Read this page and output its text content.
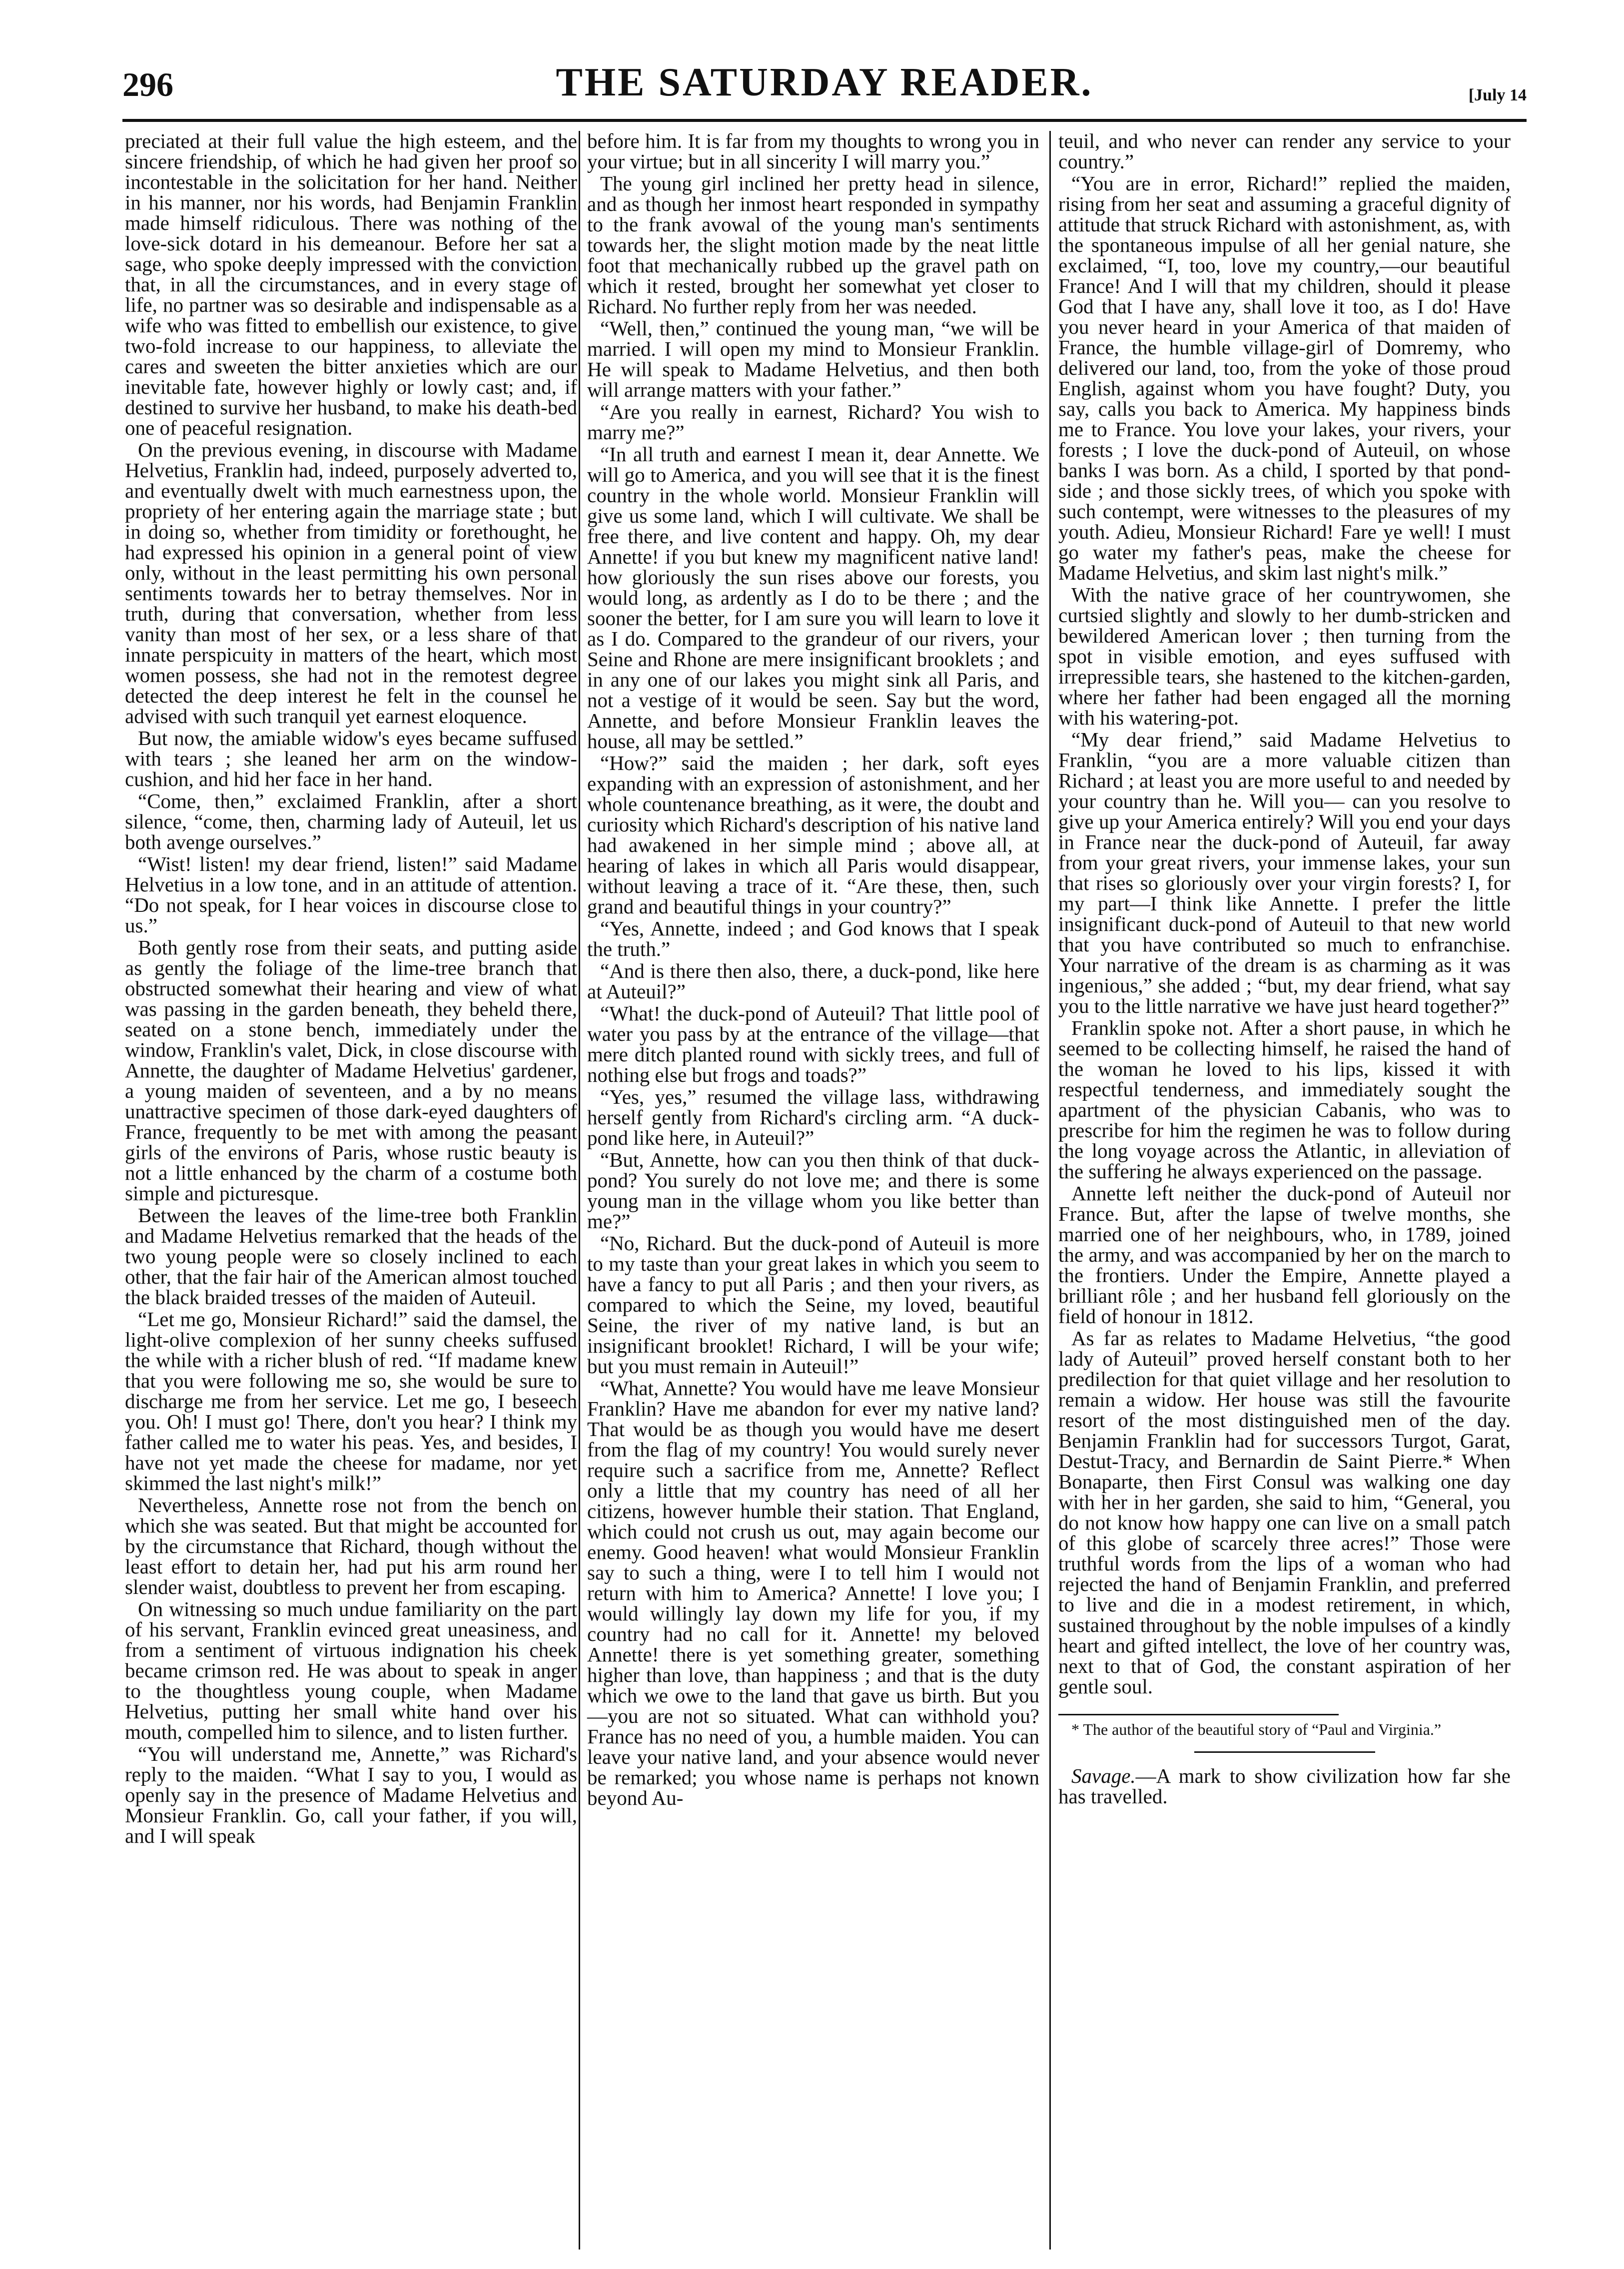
296	THE SATURDAY READER.	[July 14

preciated at their full value the high esteem, and the sincere friendship, of which he had given her proof so incontestable in the solicitation for her hand. Neither in his manner, nor his words, had Benjamin Franklin made himself ridiculous. There was nothing of the love-sick dotard in his demeanour. Before her sat a sage, who spoke deeply impressed with the conviction that, in all the circumstances, and in every stage of life, no partner was so desirable and indispensable as a wife who was fitted to embellish our existence, to give two-fold increase to our happiness, to alleviate the cares and sweeten the bitter anxieties which are our inevitable fate, however highly or lowly cast; and, if destined to survive her husband, to make his death-bed one of peaceful resignation.

On the previous evening, in discourse with Madame Helvetius, Franklin had, indeed, purposely adverted to, and eventually dwelt with much earnestness upon, the propriety of her entering again the marriage state ; but in doing so, whether from timidity or forethought, he had expressed his opinion in a general point of view only, without in the least permitting his own personal sentiments towards her to betray themselves. Nor in truth, during that conversation, whether from less vanity than most of her sex, or a less share of that innate perspicuity in matters of the heart, which most women possess, she had not in the remotest degree detected the deep interest he felt in the counsel he advised with such tranquil yet earnest eloquence.

But now, the amiable widow's eyes became suffused with tears ; she leaned her arm on the window-cushion, and hid her face in her hand.

“Come, then,” exclaimed Franklin, after a short silence, “come, then, charming lady of Auteuil, let us both avenge ourselves.”

“Wist! listen! my dear friend, listen!” said Madame Helvetius in a low tone, and in an attitude of attention. “Do not speak, for I hear voices in discourse close to us.”

Both gently rose from their seats, and putting aside as gently the foliage of the lime-tree branch that obstructed somewhat their hearing and view of what was passing in the garden beneath, they beheld there, seated on a stone bench, immediately under the window, Franklin's valet, Dick, in close discourse with Annette, the daughter of Madame Helvetius' gardener, a young maiden of seventeen, and a by no means unattractive specimen of those dark-eyed daughters of France, frequently to be met with among the peasant girls of the environs of Paris, whose rustic beauty is not a little enhanced by the charm of a costume both simple and picturesque.

Between the leaves of the lime-tree both Franklin and Madame Helvetius remarked that the heads of the two young people were so closely inclined to each other, that the fair hair of the American almost touched the black braided tresses of the maiden of Auteuil.

“Let me go, Monsieur Richard!” said the damsel, the light-olive complexion of her sunny cheeks suffused the while with a richer blush of red. “If madame knew that you were following me so, she would be sure to discharge me from her service. Let me go, I beseech you. Oh! I must go! There, don't you hear? I think my father called me to water his peas. Yes, and besides, I have not yet made the cheese for madame, nor yet skimmed the last night's milk!”

Nevertheless, Annette rose not from the bench on which she was seated. But that might be accounted for by the circumstance that Richard, though without the least effort to detain her, had put his arm round her slender waist, doubtless to prevent her from escaping.

On witnessing so much undue familiarity on the part of his servant, Franklin evinced great uneasiness, and from a sentiment of virtuous indignation his cheek became crimson red. He was about to speak in anger to the thoughtless young couple, when Madame Helvetius, putting her small white hand over his mouth, compelled him to silence, and to listen further.

“You will understand me, Annette,” was Richard's reply to the maiden. “What I say to you, I would as openly say in the presence of Madame Helvetius and Monsieur Franklin. Go, call your father, if you will, and I will speak

before him. It is far from my thoughts to wrong you in your virtue; but in all sincerity I will marry you.”

The young girl inclined her pretty head in silence, and as though her inmost heart responded in sympathy to the frank avowal of the young man's sentiments towards her, the slight motion made by the neat little foot that mechanically rubbed up the gravel path on which it rested, brought her somewhat yet closer to Richard. No further reply from her was needed.

“Well, then,” continued the young man, “we will be married. I will open my mind to Monsieur Franklin. He will speak to Madame Helvetius, and then both will arrange matters with your father.”

“Are you really in earnest, Richard? You wish to marry me?”

“In all truth and earnest I mean it, dear Annette. We will go to America, and you will see that it is the finest country in the whole world. Monsieur Franklin will give us some land, which I will cultivate. We shall be free there, and live content and happy. Oh, my dear Annette! if you but knew my magnificent native land! how gloriously the sun rises above our forests, you would long, as ardently as I do to be there ; and the sooner the better, for I am sure you will learn to love it as I do. Compared to the grandeur of our rivers, your Seine and Rhone are mere insignificant brooklets ; and in any one of our lakes you might sink all Paris, and not a vestige of it would be seen. Say but the word, Annette, and before Monsieur Franklin leaves the house, all may be settled.”

“How?” said the maiden ; her dark, soft eyes expanding with an expression of astonishment, and her whole countenance breathing, as it were, the doubt and curiosity which Richard's description of his native land had awakened in her simple mind ; above all, at hearing of lakes in which all Paris would disappear, without leaving a trace of it. “Are these, then, such grand and beautiful things in your country?”

“Yes, Annette, indeed ; and God knows that I speak the truth.”

“And is there then also, there, a duck-pond, like here at Auteuil?”

“What! the duck-pond of Auteuil? That little pool of water you pass by at the entrance of the village—that mere ditch planted round with sickly trees, and full of nothing else but frogs and toads?”

“Yes, yes,” resumed the village lass, withdrawing herself gently from Richard's circling arm. “A duck-pond like here, in Auteuil?”

“But, Annette, how can you then think of that duck-pond? You surely do not love me; and there is some young man in the village whom you like better than me?”

“No, Richard. But the duck-pond of Auteuil is more to my taste than your great lakes in which you seem to have a fancy to put all Paris ; and then your rivers, as compared to which the Seine, my loved, beautiful Seine, the river of my native land, is but an insignificant brooklet! Richard, I will be your wife; but you must remain in Auteuil!”

“What, Annette? You would have me leave Monsieur Franklin? Have me abandon for ever my native land? That would be as though you would have me desert from the flag of my country! You would surely never require such a sacrifice from me, Annette? Reflect only a little that my country has need of all her citizens, however humble their station. That England, which could not crush us out, may again become our enemy. Good heaven! what would Monsieur Franklin say to such a thing, were I to tell him I would not return with him to America? Annette! I love you; I would willingly lay down my life for you, if my country had no call for it. Annette! my beloved Annette! there is yet something greater, something higher than love, than happiness ; and that is the duty which we owe to the land that gave us birth. But you —you are not so situated. What can withhold you? France has no need of you, a humble maiden. You can leave your native land, and your absence would never be remarked; you whose name is perhaps not known beyond Au-

teuil, and who never can render any service to your country.”

“You are in error, Richard!” replied the maiden, rising from her seat and assuming a graceful dignity of attitude that struck Richard with astonishment, as, with the spontaneous impulse of all her genial nature, she exclaimed, “I, too, love my country,—our beautiful France! And I will that my children, should it please God that I have any, shall love it too, as I do! Have you never heard in your America of that maiden of France, the humble village-girl of Domremy, who delivered our land, too, from the yoke of those proud English, against whom you have fought? Duty, you say, calls you back to America. My happiness binds me to France. You love your lakes, your rivers, your forests ; I love the duck-pond of Auteuil, on whose banks I was born. As a child, I sported by that pond-side ; and those sickly trees, of which you spoke with such contempt, were witnesses to the pleasures of my youth. Adieu, Monsieur Richard! Fare ye well! I must go water my father's peas, make the cheese for Madame Helvetius, and skim last night's milk.”

With the native grace of her countrywomen, she curtsied slightly and slowly to her dumb-stricken and bewildered American lover ; then turning from the spot in visible emotion, and eyes suffused with irrepressible tears, she hastened to the kitchen-garden, where her father had been engaged all the morning with his watering-pot.

“My dear friend,” said Madame Helvetius to Franklin, “you are a more valuable citizen than Richard ; at least you are more useful to and needed by your country than he. Will you— can you resolve to give up your America entirely? Will you end your days in France near the duck-pond of Auteuil, far away from your great rivers, your immense lakes, your sun that rises so gloriously over your virgin forests? I, for my part—I think like Annette. I prefer the little insignificant duck-pond of Auteuil to that new world that you have contributed so much to enfranchise. Your narrative of the dream is as charming as it was ingenious,” she added ; “but, my dear friend, what say you to the little narrative we have just heard together?”

Franklin spoke not. After a short pause, in which he seemed to be collecting himself, he raised the hand of the woman he loved to his lips, kissed it with respectful tenderness, and immediately sought the apartment of the physician Cabanis, who was to prescribe for him the regimen he was to follow during the long voyage across the Atlantic, in alleviation of the suffering he always experienced on the passage.

Annette left neither the duck-pond of Auteuil nor France. But, after the lapse of twelve months, she married one of her neighbours, who, in 1789, joined the army, and was accompanied by her on the march to the frontiers. Under the Empire, Annette played a brilliant rôle ; and her husband fell gloriously on the field of honour in 1812.

As far as relates to Madame Helvetius, “the good lady of Auteuil” proved herself constant both to her predilection for that quiet village and her resolution to remain a widow. Her house was still the favourite resort of the most distinguished men of the day. Benjamin Franklin had for successors Turgot, Garat, Destut-Tracy, and Bernardin de Saint Pierre.* When Bonaparte, then First Consul was walking one day with her in her garden, she said to him, “General, you do not know how happy one can live on a small patch of this globe of scarcely three acres!” Those were truthful words from the lips of a woman who had rejected the hand of Benjamin Franklin, and preferred to live and die in a modest retirement, in which, sustained throughout by the noble impulses of a kindly heart and gifted intellect, the love of her country was, next to that of God, the constant aspiration of her gentle soul.

* The author of the beautiful story of “Paul and Virginia.”

Savage.—A mark to show civilization how far she has travelled.
